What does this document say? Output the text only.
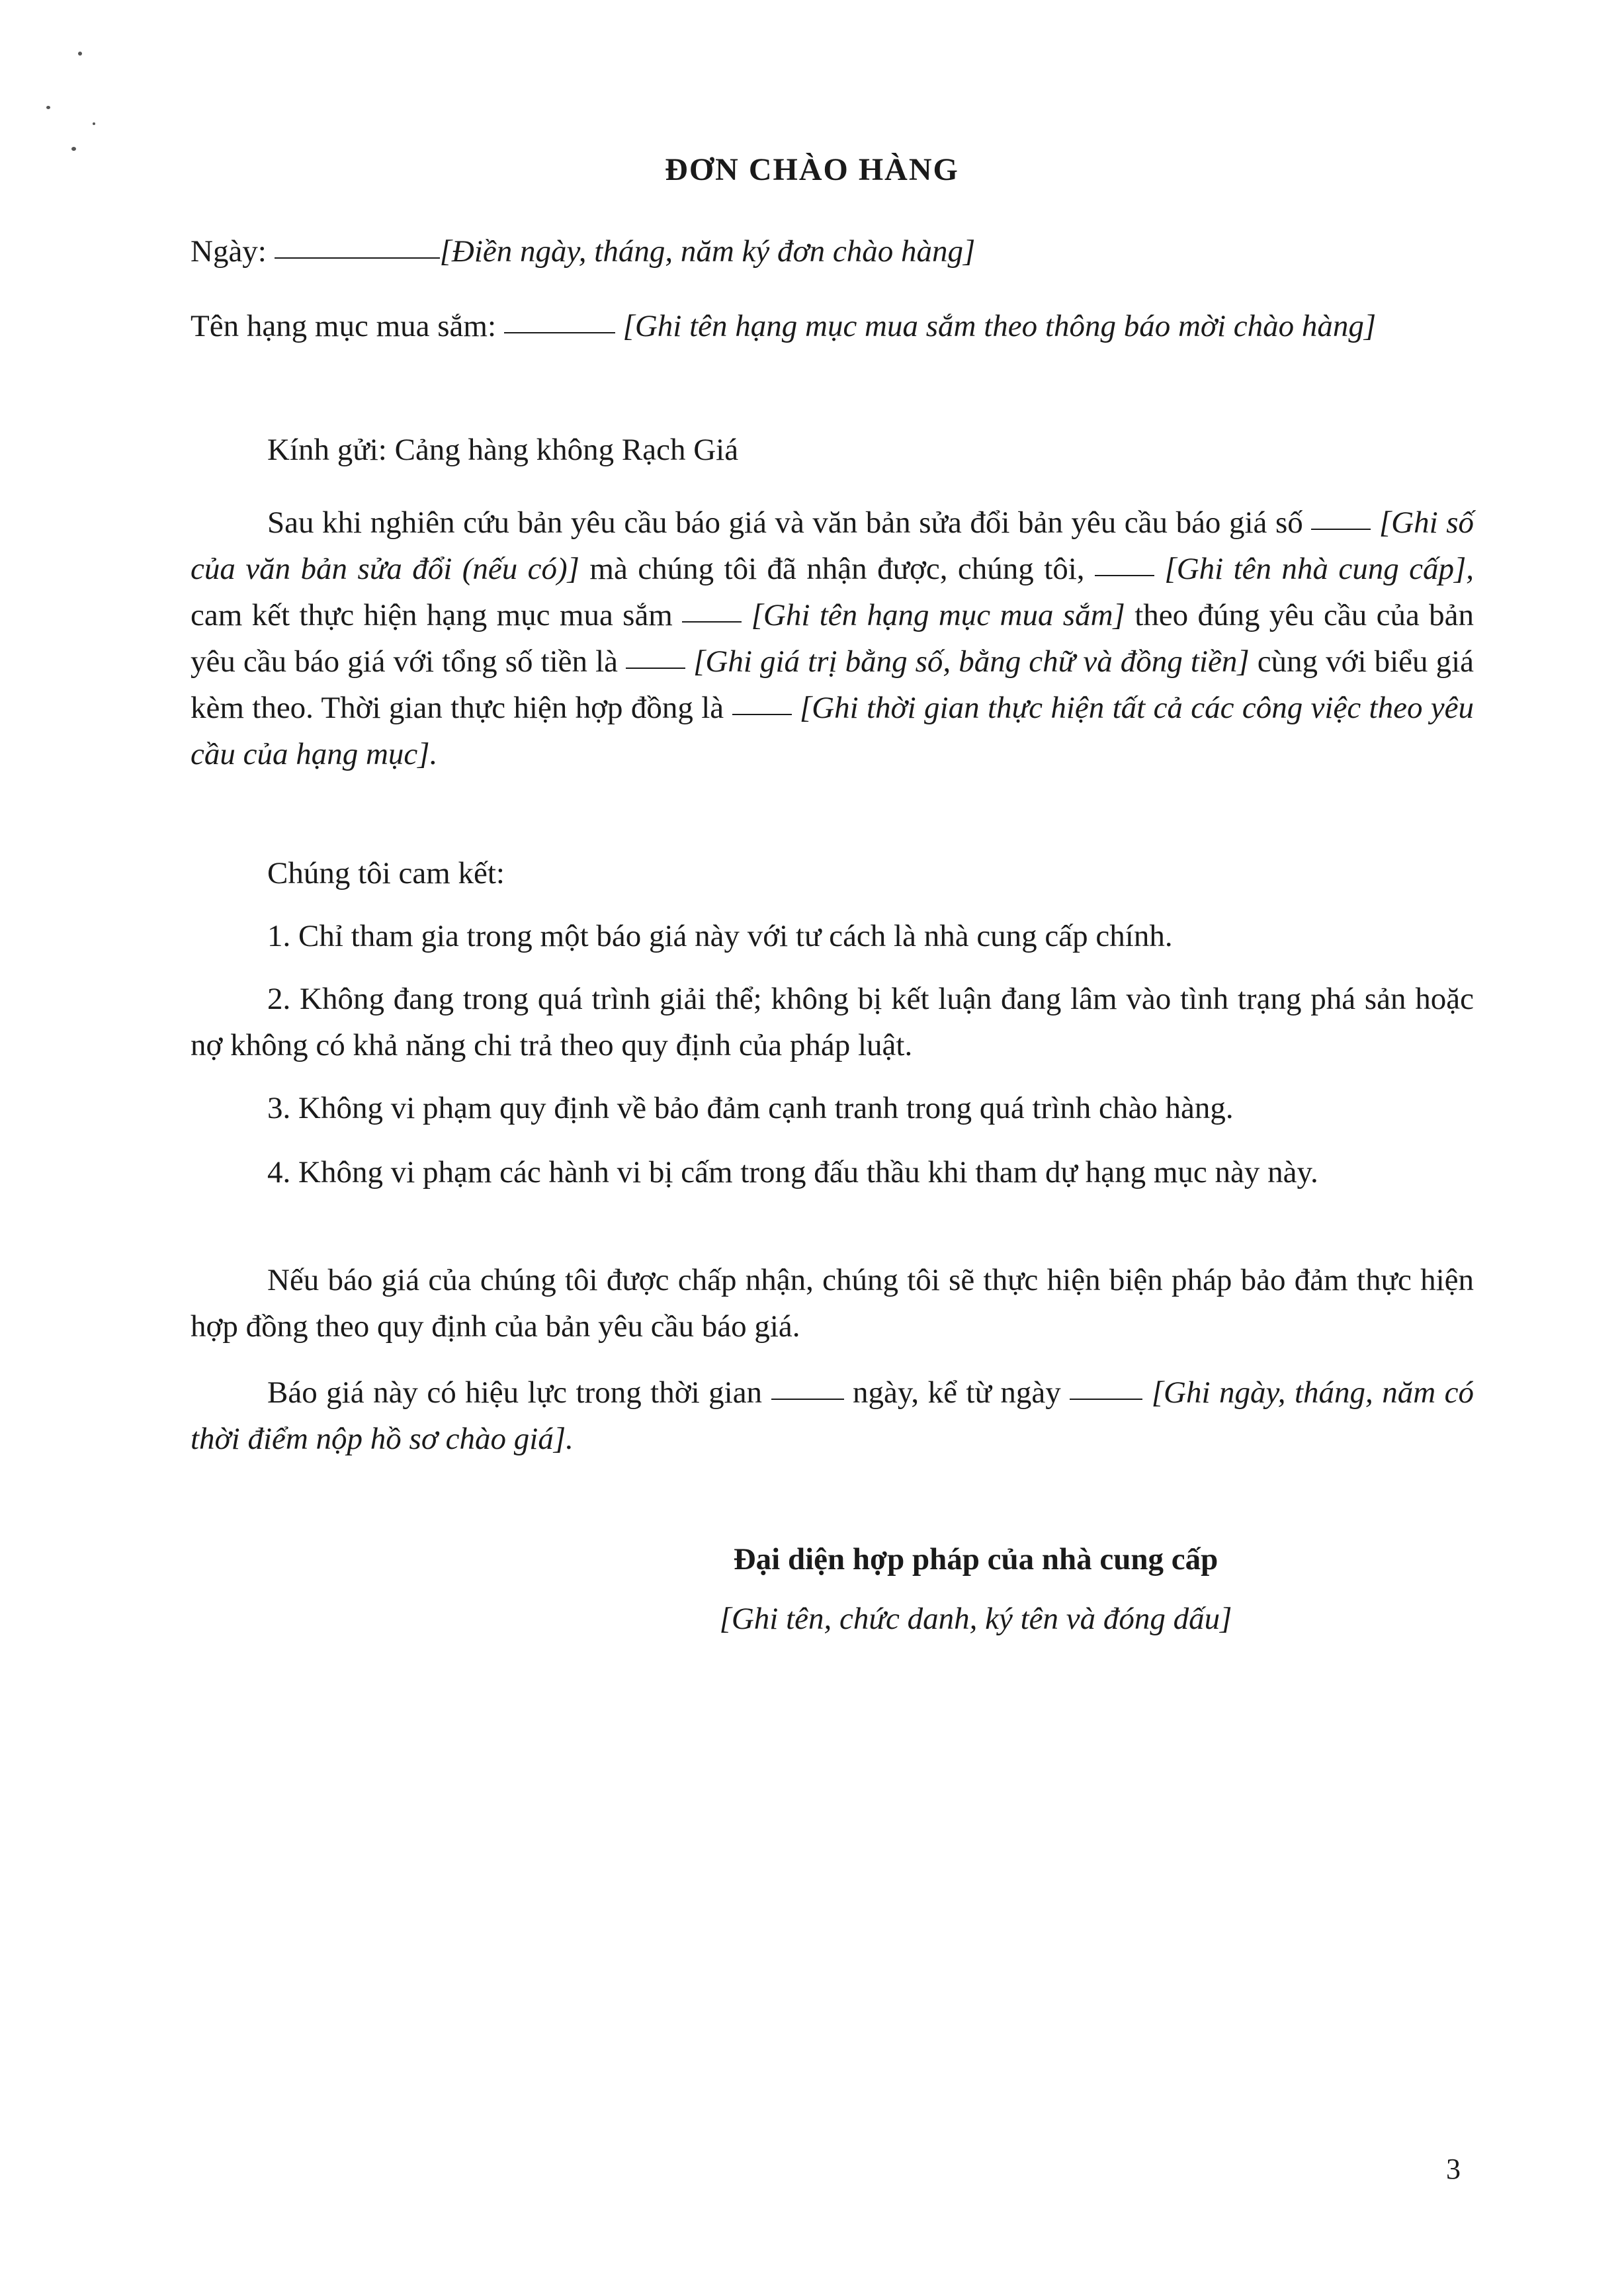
ĐƠN CHÀO HÀNG

Ngày:	[Điền ngày, tháng, năm ký đơn chào hàng]

Tên hạng mục mua sắm:	[Ghi tên hạng mục mua sắm theo thông báo mời chào hàng]

Kính gửi: Cảng hàng không Rạch Giá

Sau khi nghiên cứu bản yêu cầu báo giá và văn bản sửa đổi bản yêu cầu báo giá số [Ghi số của văn bản sửa đổi (nếu có)] mà chúng tôi đã nhận được, chúng tôi,	[Ghi tên nhà cung cấp], cam kết thực hiện hạng mục mua sắm	[Ghi tên hạng mục mua sắm] theo đúng yêu cầu của bản yêu cầu báo giá với tổng số tiền là [Ghi giá trị bằng số, bằng chữ và đồng tiền] cùng với biểu giá kèm theo. Thời gian thực hiện hợp đồng là [Ghi thời gian thực hiện tất cả các công việc theo yêu cầu của hạng mục].

Chúng tôi cam kết:

1. Chỉ tham gia trong một báo giá này với tư cách là nhà cung cấp chính.

2. Không đang trong quá trình giải thể; không bị kết luận đang lâm vào tình trạng phá sản hoặc nợ không có khả năng chi trả theo quy định của pháp luật.

3. Không vi phạm quy định về bảo đảm cạnh tranh trong quá trình chào hàng.

4. Không vi phạm các hành vi bị cấm trong đấu thầu khi tham dự hạng mục này này.

Nếu báo giá của chúng tôi được chấp nhận, chúng tôi sẽ thực hiện biện pháp bảo đảm thực hiện hợp đồng theo quy định của bản yêu cầu báo giá.

Báo giá này có hiệu lực trong thời gian	ngày, kể từ ngày	[Ghi ngày, tháng, năm có thời điểm nộp hồ sơ chào giá].

Đại diện hợp pháp của nhà cung cấp
[Ghi tên, chức danh, ký tên và đóng dấu]
3
